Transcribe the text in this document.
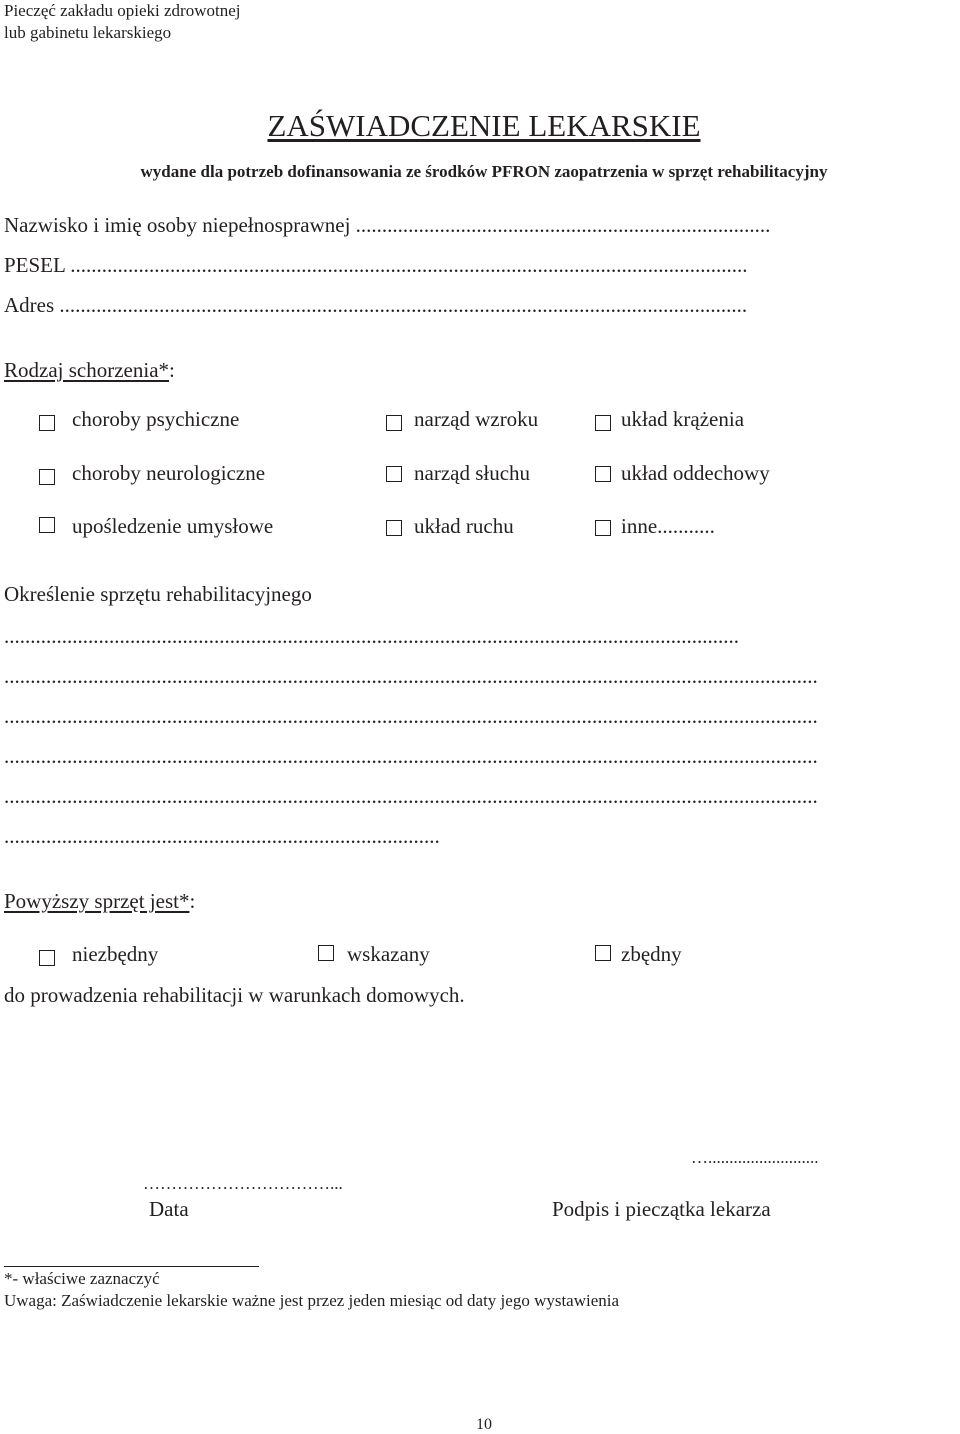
Pieczęć zakładu opieki zdrowotnej
lub gabinetu lekarskiego
ZAŚWIADCZENIE LEKARSKIE
wydane dla potrzeb dofinansowania ze środków PFRON zaopatrzenia w sprzęt rehabilitacyjny
Nazwisko i imię osoby niepełnosprawnej ...............................................................................
PESEL .................................................................................................................................
Adres ...................................................................................................................................
Rodzaj schorzenia*:
choroby psychiczne	narząd wzroku	układ krążenia
choroby neurologiczne	narząd słuchu	układ oddechowy
upośledzenie umysłowe	układ ruchu	inne...........
Określenie sprzętu rehabilitacyjnego
............................................................................................................................................
...........................................................................................................................................................
...........................................................................................................................................................
...........................................................................................................................................................
...........................................................................................................................................................
...................................................................................
Powyższy sprzęt jest*:
niezbędny	wskazany	zbędny
do prowadzenia rehabilitacji w warunkach domowych.
…..........................
……………………………...
Data	Podpis i pieczątka lekarza
*- właściwe zaznaczyć
Uwaga: Zaświadczenie lekarskie ważne jest przez jeden miesiąc od daty jego wystawienia
10
